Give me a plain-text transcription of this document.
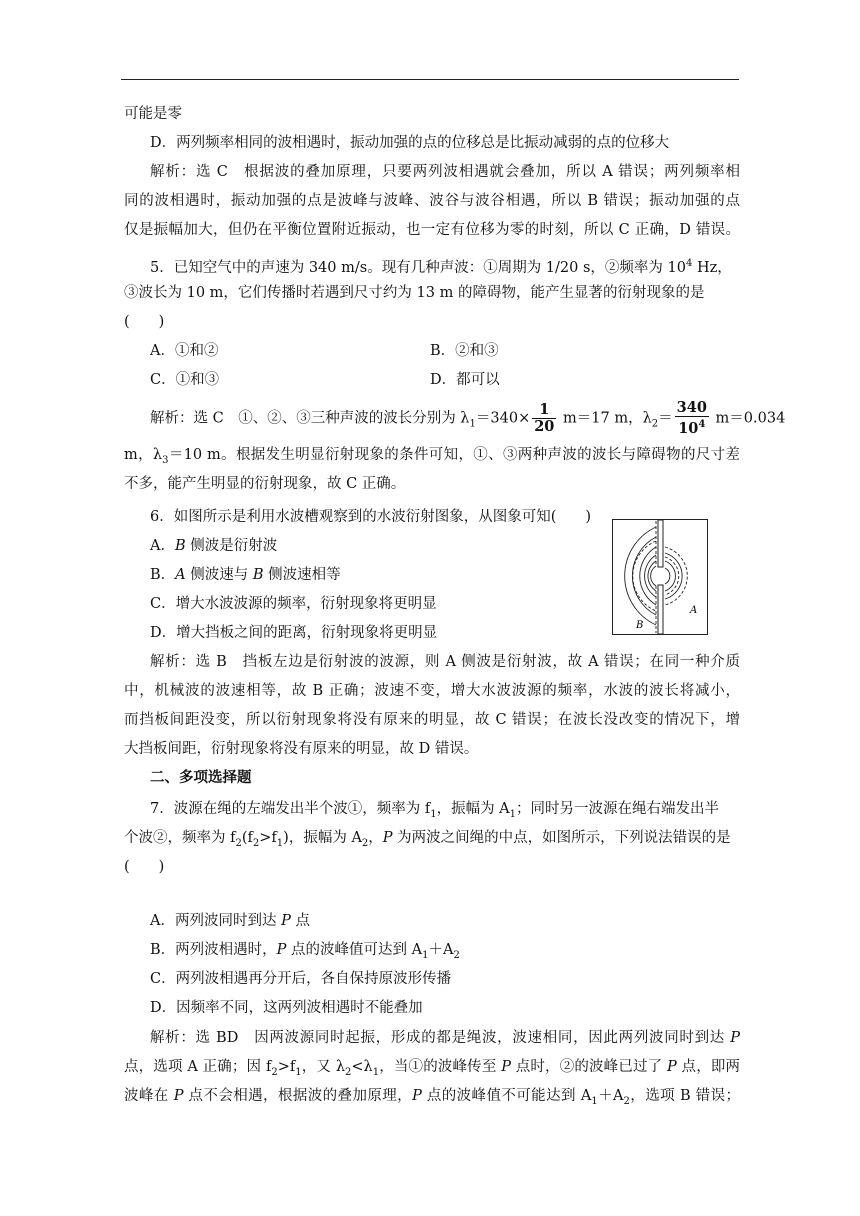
可能是零
D．两列频率相同的波相遇时，振动加强的点的位移总是比振动减弱的点的位移大
解析：选 C　根据波的叠加原理，只要两列波相遇就会叠加，所以 A 错误；两列频率相
同的波相遇时，振动加强的点是波峰与波峰、波谷与波谷相遇，所以 B 错误；振动加强的点
仅是振幅加大，但仍在平衡位置附近振动，也一定有位移为零的时刻，所以 C 正确，D 错误。
5．已知空气中的声速为 340 m/s。现有几种声波：①周期为 1/20 s，②频率为 $10^4$ Hz，
③波长为 10 m，它们传播时若遇到尺寸约为 13 m 的障碍物，能产生显著的衍射现象的是
(　　)
A．①和②	B．②和③
C．①和③	D．都可以
解析：选 C　①、②、③三种声波的波长分别为 $\lambda_1=340\times \frac{1}{20} m=17$ m，$\lambda_2= \frac{340}{10^4} m=0.034$
m，$\lambda_3=10$ m。根据发生明显衍射现象的条件可知，①、③两种声波的波长与障碍物的尺寸差
不多，能产生明显的衍射现象，故 C 正确。
6．如图所示是利用水波槽观察到的水波衍射图象，从图象可知(　　)
A．B 侧波是衍射波
B．A 侧波速与 B 侧波速相等
C．增大水波波源的频率，衍射现象将更明显
D．增大挡板之间的距离，衍射现象将更明显
A
B
解析：选 B　挡板左边是衍射波的波源，则 A 侧波是衍射波，故 A 错误；在同一种介质
中，机械波的波速相等，故 B 正确；波速不变，增大水波波源的频率，水波的波长将减小，
而挡板间距没变，所以衍射现象将没有原来的明显，故 C 错误；在波长没改变的情况下，增
大挡板间距，衍射现象将没有原来的明显，故 D 错误。
二、多项选择题
7．波源在绳的左端发出半个波①，频率为 $f_1$，振幅为 $A_1$；同时另一波源在绳右端发出半
个波②，频率为 $f_2(f_2>f_1)$，振幅为 $A_2$，P 为两波之间绳的中点，如图所示，下列说法错误的是
(　　)
A．两列波同时到达 P 点
B．两列波相遇时，P 点的波峰值可达到 $A_1+A_2$
C．两列波相遇再分开后，各自保持原波形传播
D．因频率不同，这两列波相遇时不能叠加
解析：选 BD　因两波源同时起振，形成的都是绳波，波速相同，因此两列波同时到达 P
点，选项 A 正确；因 $f_2>f_1$，又 $\lambda_2<\lambda_1$，当①的波峰传至 P 点时，②的波峰已过了 P 点，即两
波峰在 P 点不会相遇，根据波的叠加原理，P 点的波峰值不可能达到 $A_1+A_2$，选项 B 错误；
